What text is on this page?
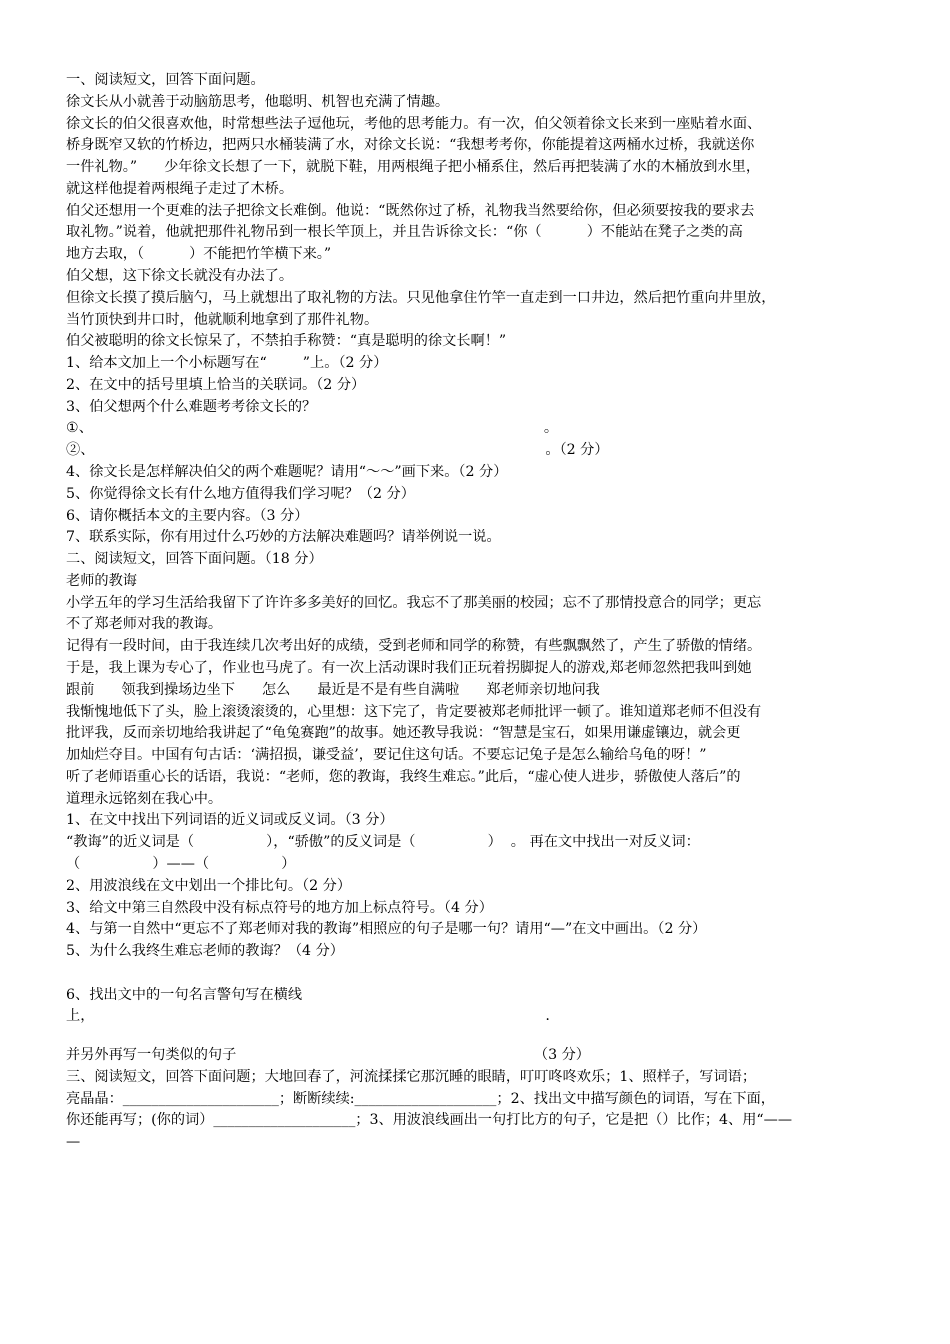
一、阅读短文，回答下面问题。
徐文长从小就善于动脑筋思考，他聪明、机智也充满了情趣。
徐文长的伯父很喜欢他，时常想些法子逗他玩，考他的思考能力。有一次，伯父领着徐文长来到一座贴着水面、
桥身既窄又软的竹桥边，把两只水桶装满了水，对徐文长说：“我想考考你，你能提着这两桶水过桥，我就送你
一件礼物。”      少年徐文长想了一下，就脱下鞋，用两根绳子把小桶系住，然后再把装满了水的木桶放到水里，
就这样他提着两根绳子走过了木桥。
伯父还想用一个更难的法子把徐文长难倒。他说：“既然你过了桥，礼物我当然要给你，但必须要按我的要求去
取礼物。”说着，他就把那件礼物吊到一根长竿顶上，并且告诉徐文长：“你（          ）不能站在凳子之类的高
地方去取，（          ）不能把竹竿横下来。”
伯父想，这下徐文长就没有办法了。
但徐文长摸了摸后脑勺，马上就想出了取礼物的方法。只见他拿住竹竿一直走到一口井边，然后把竹重向井里放，
当竹顶快到井口时，他就顺利地拿到了那件礼物。
伯父被聪明的徐文长惊呆了，不禁拍手称赞：“真是聪明的徐文长啊！”
1、给本文加上一个小标题写在“        ”上。（2 分）
2、在文中的括号里填上恰当的关联词。（2 分）
3、伯父想两个什么难题考考徐文长的？
①、                                                                                                    。
②、                                                                                                    。（2 分）
4、徐文长是怎样解决伯父的两个难题呢？请用“～～”画下来。（2 分）
5、你觉得徐文长有什么地方值得我们学习呢？（2 分）
6、请你概括本文的主要内容。（3 分）
7、联系实际，你有用过什么巧妙的方法解决难题吗？请举例说一说。
二、阅读短文，回答下面问题。（18 分）
老师的教诲
小学五年的学习生活给我留下了许许多多美好的回忆。我忘不了那美丽的校园；忘不了那情投意合的同学；更忘
不了郑老师对我的教诲。
记得有一段时间，由于我连续几次考出好的成绩，受到老师和同学的称赞，有些飘飘然了，产生了骄傲的情绪。
于是，我上课为专心了，作业也马虎了。有一次上活动课时我们正玩着拐脚捉人的游戏,郑老师忽然把我叫到她
跟前      领我到操场边坐下      怎么      最近是不是有些自满啦      郑老师亲切地问我
我惭愧地低下了头，脸上滚烫滚烫的，心里想：这下完了，肯定要被郑老师批评一顿了。谁知道郑老师不但没有
批评我，反而亲切地给我讲起了“龟兔赛跑”的故事。她还教导我说：“智慧是宝石，如果用谦虚镶边，就会更
加灿烂夺目。中国有句古话：‘满招损，谦受益’，要记住这句话。不要忘记兔子是怎么输给乌龟的呀！”
听了老师语重心长的话语，我说：“老师，您的教诲，我终生难忘。”此后，“虚心使人进步，骄傲使人落后”的
道理永远铭刻在我心中。
1、在文中找出下列词语的近义词或反义词。（3 分）
“教诲”的近义词是（                ），“骄傲”的反义词是（                ）  。 再在文中找出一对反义词：
（                ）——（                ）
2、用波浪线在文中划出一个排比句。（2 分）
3、给文中第三自然段中没有标点符号的地方加上标点符号。（4 分）
4、与第一自然中“更忘不了郑老师对我的教诲”相照应的句子是哪一句？请用“—”在文中画出。（2 分）
5、为什么我终生难忘老师的教诲？（4 分）
6、找出文中的一句名言警句写在横线
上，                                                                                                    .
并另外再写一句类似的句子                                                                  （3 分）
三、阅读短文，回答下面问题；大地回春了，河流揉揉它那沉睡的眼睛，叮叮咚咚欢乐；1、照样子，写词语；
亮晶晶：______________________；断断续续:____________________；2、找出文中描写颜色的词语，写在下面，
你还能再写；(你的词）____________________；3、用波浪线画出一句打比方的句子，它是把（）比作；4、用“——
—
